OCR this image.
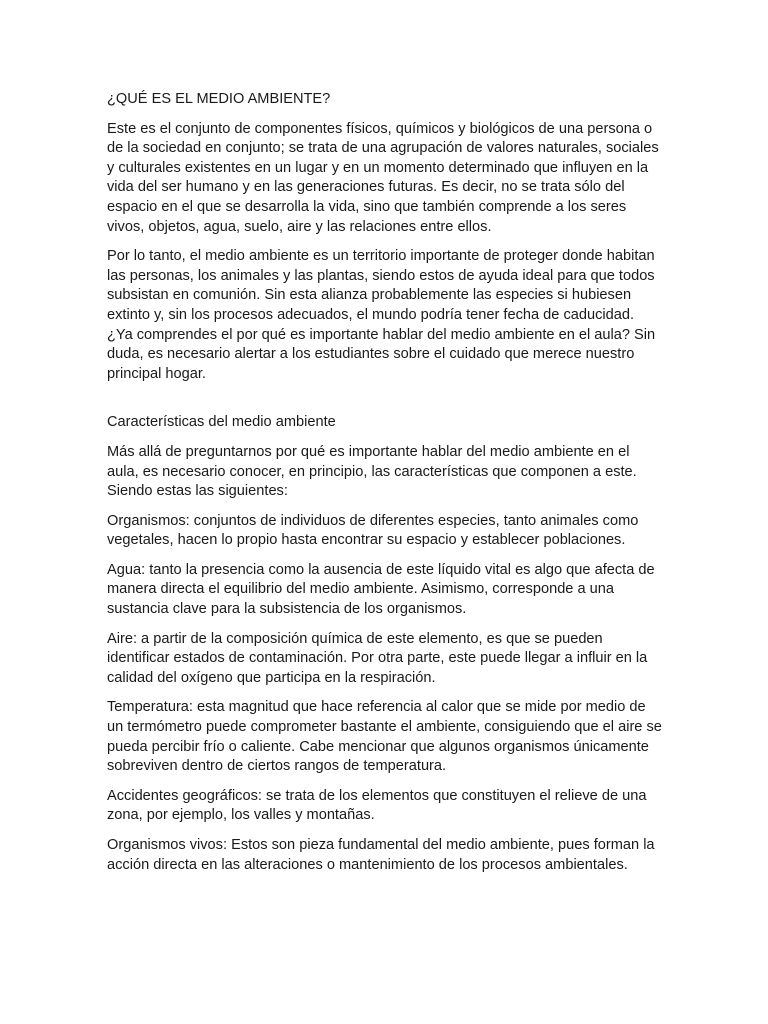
¿QUÉ ES EL MEDIO AMBIENTE?

Este es el conjunto de componentes físicos, químicos y biológicos de una persona o de la sociedad en conjunto; se trata de una agrupación de valores naturales, sociales y culturales existentes en un lugar y en un momento determinado que influyen en la vida del ser humano y en las generaciones futuras. Es decir, no se trata sólo del espacio en el que se desarrolla la vida, sino que también comprende a los seres vivos, objetos, agua, suelo, aire y las relaciones entre ellos.

Por lo tanto, el medio ambiente es un territorio importante de proteger donde habitan las personas, los animales y las plantas, siendo estos de ayuda ideal para que todos subsistan en comunión. Sin esta alianza probablemente las especies si hubiesen extinto y, sin los procesos adecuados, el mundo podría tener fecha de caducidad. ¿Ya comprendes el por qué es importante hablar del medio ambiente en el aula? Sin duda, es necesario alertar a los estudiantes sobre el cuidado que merece nuestro principal hogar.

Características del medio ambiente

Más allá de preguntarnos por qué es importante hablar del medio ambiente en el aula, es necesario conocer, en principio, las características que componen a este. Siendo estas las siguientes:

Organismos: conjuntos de individuos de diferentes especies, tanto animales como vegetales, hacen lo propio hasta encontrar su espacio y establecer poblaciones.

Agua: tanto la presencia como la ausencia de este líquido vital es algo que afecta de manera directa el equilibrio del medio ambiente. Asimismo, corresponde a una sustancia clave para la subsistencia de los organismos.

Aire: a partir de la composición química de este elemento, es que se pueden identificar estados de contaminación. Por otra parte, este puede llegar a influir en la calidad del oxígeno que participa en la respiración.

Temperatura: esta magnitud que hace referencia al calor que se mide por medio de un termómetro puede comprometer bastante el ambiente, consiguiendo que el aire se pueda percibir frío o caliente. Cabe mencionar que algunos organismos únicamente sobreviven dentro de ciertos rangos de temperatura.

Accidentes geográficos: se trata de los elementos que constituyen el relieve de una zona, por ejemplo, los valles y montañas.

Organismos vivos: Estos son pieza fundamental del medio ambiente, pues forman la acción directa en las alteraciones o mantenimiento de los procesos ambientales.
